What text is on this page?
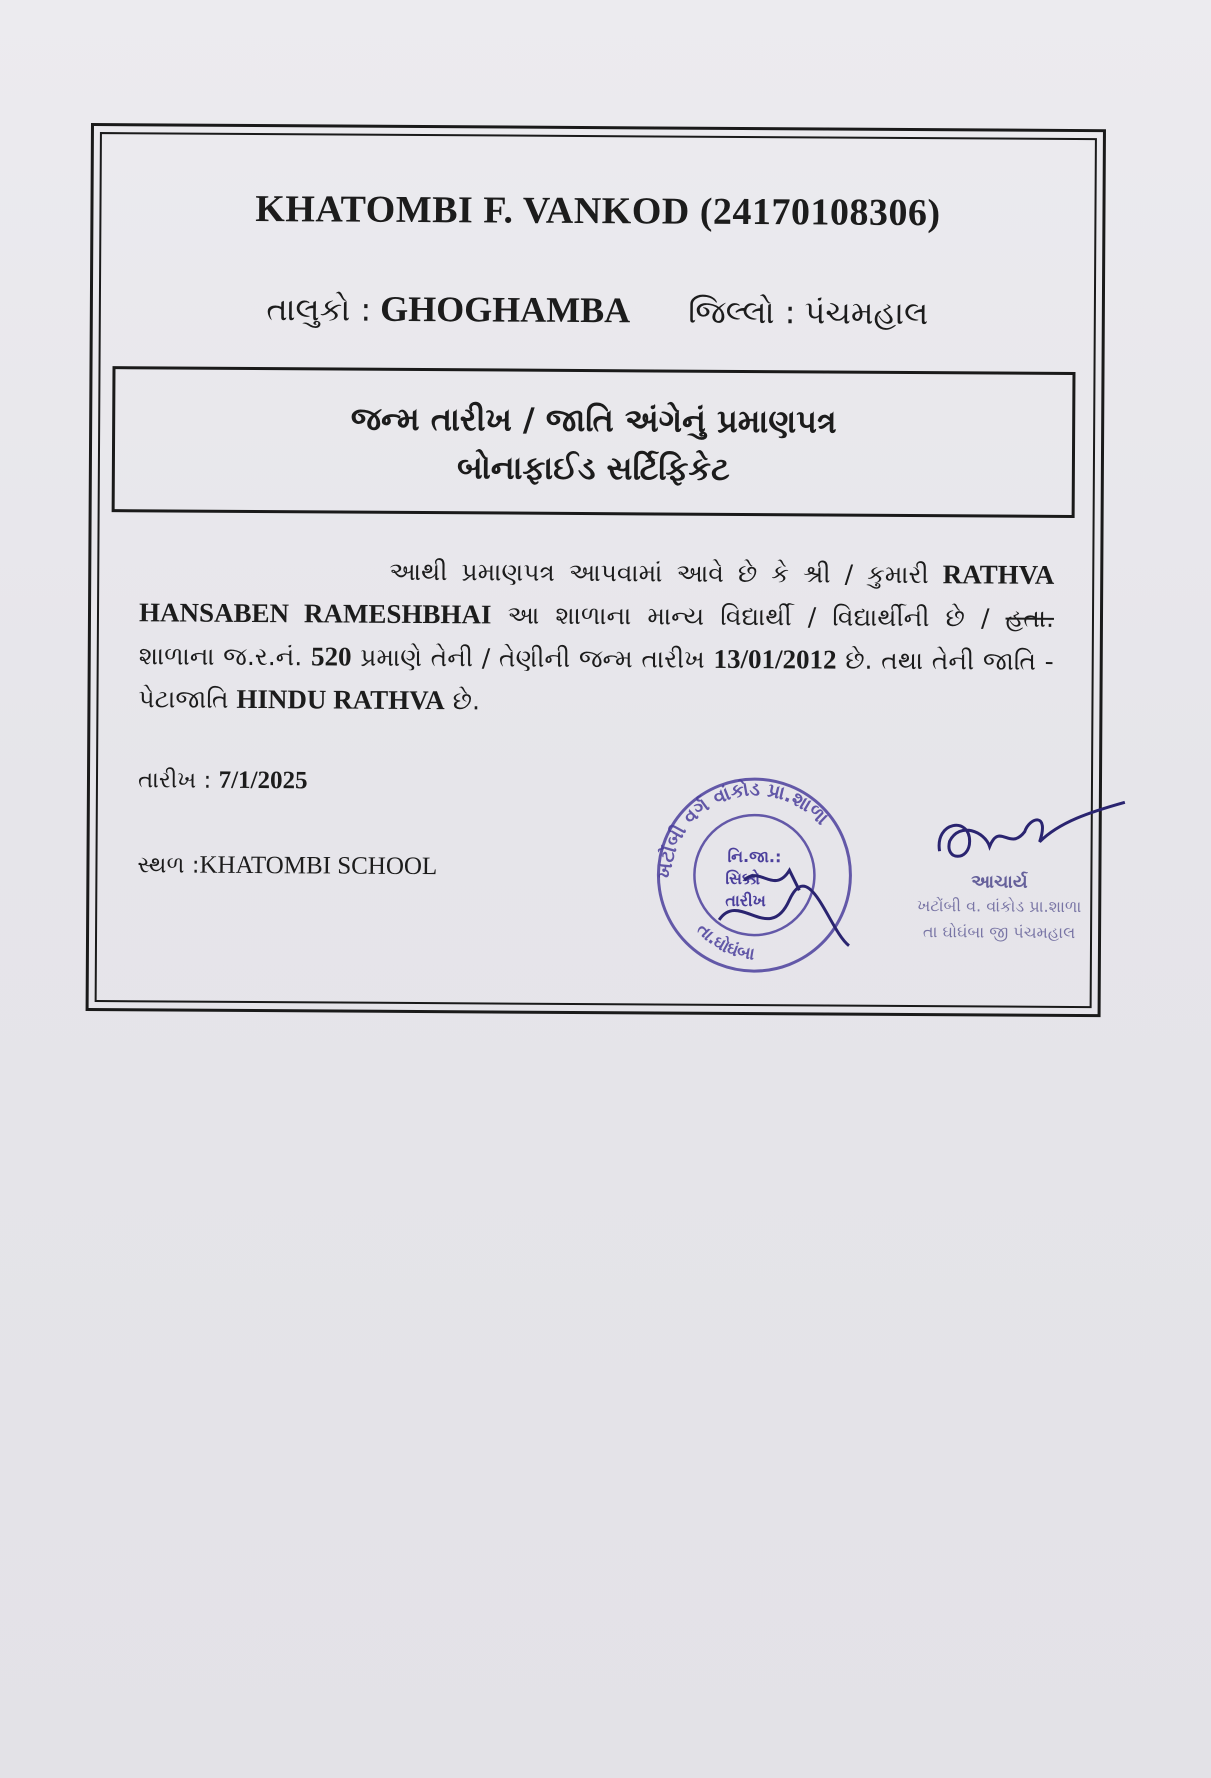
KHATOMBI F. VANKOD (24170108306)
તાલુકો : GHOGHAMBA જિલ્લો : પંચમહાલ
જન્મ તારીખ / જાતિ અંગેનું પ્રમાણપત્ર
બોનાફાઈડ સર્ટિફિકેટ
આથી પ્રમાણપત્ર આપવામાં આવે છે કે શ્રી / કુમારી RATHVA HANSABEN RAMESHBHAI આ શાળાના માન્ય વિદ્યાર્થી / વિદ્યાર્થીની છે / હતા. શાળાના જ.ર.નં. 520 પ્રમાણે તેની / તેણીની જન્મ તારીખ 13/01/2012 છે. તથા તેની જાતિ - પેટાજાતિ HINDU RATHVA છે.
તારીખ : 7/1/2025
સ્થળ :KHATOMBI SCHOOL	ખટોંબી વર્ગ વાંકોડ પ્રા.શાળા
તા.ઘોઘંબા
નિ.જા.:
સિક્કો
તારીખ
આચાર્ય
ખટોંબી વ. વાંકોડ પ્રા.શાળા
તા ઘોઘંબા જી પંચમહાલ
